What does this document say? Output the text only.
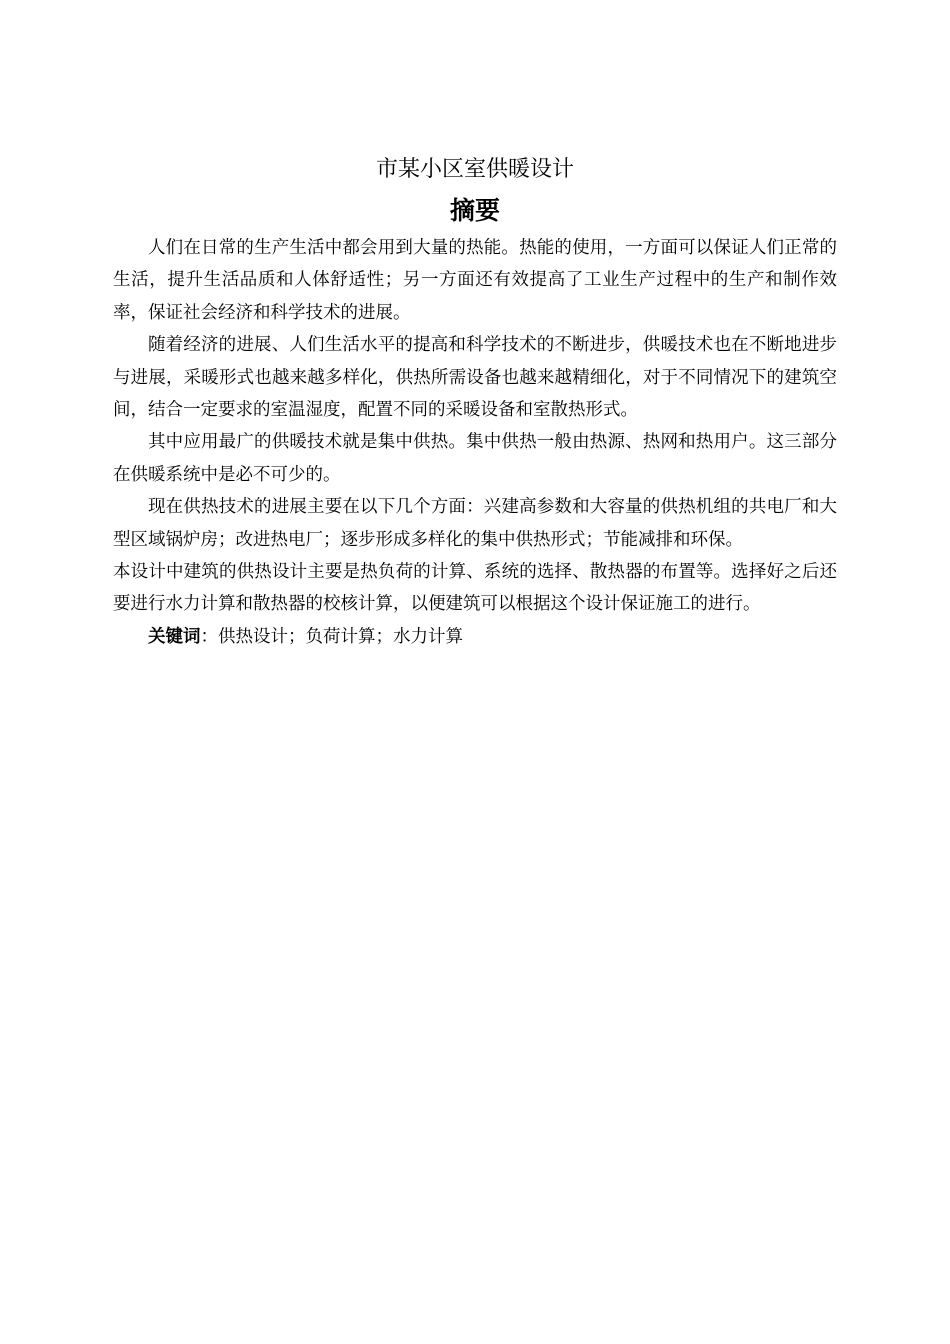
市某小区室供暖设计
摘要

人们在日常的生产生活中都会用到大量的热能。热能的使用，一方面可以保证人们正常的生活，提升生活品质和人体舒适性；另一方面还有效提高了工业生产过程中的生产和制作效率，保证社会经济和科学技术的进展。

随着经济的进展、人们生活水平的提高和科学技术的不断进步，供暖技术也在不断地进步与进展，采暖形式也越来越多样化，供热所需设备也越来越精细化，对于不同情况下的建筑空间，结合一定要求的室温湿度，配置不同的采暖设备和室散热形式。

其中应用最广的供暖技术就是集中供热。集中供热一般由热源、热网和热用户。这三部分在供暖系统中是必不可少的。

现在供热技术的进展主要在以下几个方面：兴建高参数和大容量的供热机组的共电厂和大型区域锅炉房；改进热电厂；逐步形成多样化的集中供热形式；节能减排和环保。

本设计中建筑的供热设计主要是热负荷的计算、系统的选择、散热器的布置等。选择好之后还要进行水力计算和散热器的校核计算，以便建筑可以根据这个设计保证施工的进行。

关键词：供热设计；负荷计算；水力计算
